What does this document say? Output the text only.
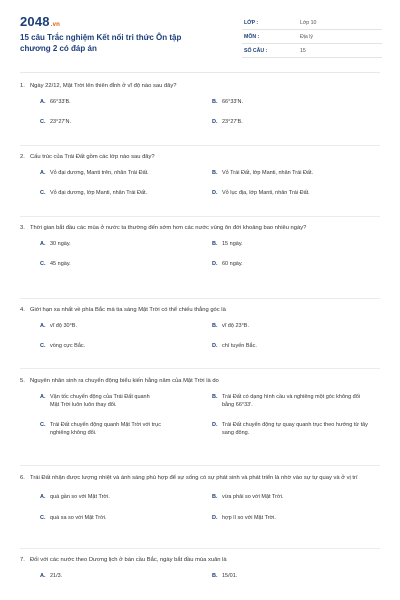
2048.vn
15 câu Trắc nghiệm Kết nối tri thức Ôn tập chương 2 có đáp án
LỚP :	Lớp 10
MÔN :	Địa lý
SỐ CÂU :	15
1. Ngày 22/12, Mặt Trời lên thiên đỉnh ở vĩ độ nào sau đây?
A. 66°33'B.	B. 66°33'N.
C. 23°27'N.	D. 23°27'B.
2. Cấu trúc của Trái Đất gồm các lớp nào sau đây?
A. Vỏ đại dương, Manti trên, nhân Trái Đất.	B. Vỏ Trái Đất, lớp Manti, nhân Trái Đất.
C. Vỏ đại dương, lớp Manti, nhân Trái Đất.	D. Vỏ lục địa, lớp Manti, nhân Trái Đất.
3. Thời gian bắt đầu các mùa ở nước ta thường đến sớm hơn các nước vùng ôn đới khoảng bao nhiêu ngày?
A. 30 ngày.	B. 15 ngày.
C. 45 ngày.	D. 60 ngày.
4. Giới hạn xa nhất về phía Bắc mà tia sáng Mặt Trời có thể chiếu thẳng góc là
A. vĩ độ 30°B.	B. vĩ độ 23°B.
C. vòng cực Bắc.	D. chí tuyến Bắc.
5. Nguyên nhân sinh ra chuyển động biểu kiến hằng năm của Mặt Trời là do
A. Vận tốc chuyển động của Trái Đất quanh Mặt Trời luôn luôn thay đổi.
B. Trái Đất có dạng hình cầu và nghiêng một góc không đổi bằng 66°33'.
C. Trái Đất chuyển động quanh Mặt Trời với trục nghiêng không đổi.
D. Trái Đất chuyển động tự quay quanh trục theo hướng từ tây sang đông.
6. Trái Đất nhận được lượng nhiệt và ánh sáng phù hợp để sự sống có sự phát sinh và phát triển là nhờ vào sự tự quay và ở vị trí
A. quá gần so với Mặt Trời.	B. vừa phải so với Mặt Trời.
C. quá xa so với Mặt Trời.	D. hợp lí so với Mặt Trời.
7. Đối với các nước theo Dương lịch ở bán cầu Bắc, ngày bắt đầu mùa xuân là
A. 21/3.	B. 15/01.
